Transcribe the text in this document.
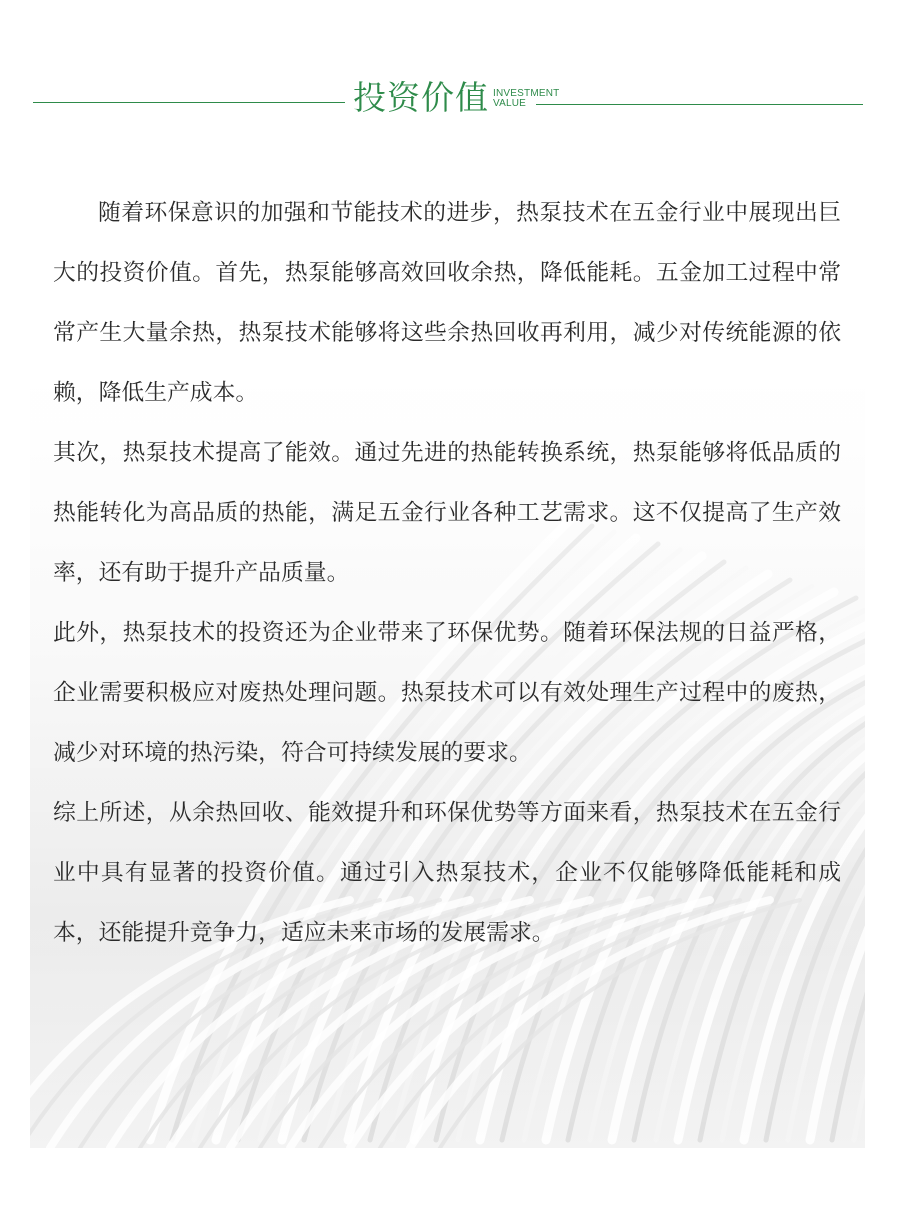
投资价值 INVESTMENT
VALUE

随着环保意识的加强和节能技术的进步，热泵技术在五金行业中展现出巨大的投资价值。首先，热泵能够高效回收余热，降低能耗。五金加工过程中常常产生大量余热，热泵技术能够将这些余热回收再利用，减少对传统能源的依赖，降低生产成本。

其次，热泵技术提高了能效。通过先进的热能转换系统，热泵能够将低品质的热能转化为高品质的热能，满足五金行业各种工艺需求。这不仅提高了生产效率，还有助于提升产品质量。

此外，热泵技术的投资还为企业带来了环保优势。随着环保法规的日益严格，企业需要积极应对废热处理问题。热泵技术可以有效处理生产过程中的废热，减少对环境的热污染，符合可持续发展的要求。

综上所述，从余热回收、能效提升和环保优势等方面来看，热泵技术在五金行业中具有显著的投资价值。通过引入热泵技术，企业不仅能够降低能耗和成本，还能提升竞争力，适应未来市场的发展需求。
